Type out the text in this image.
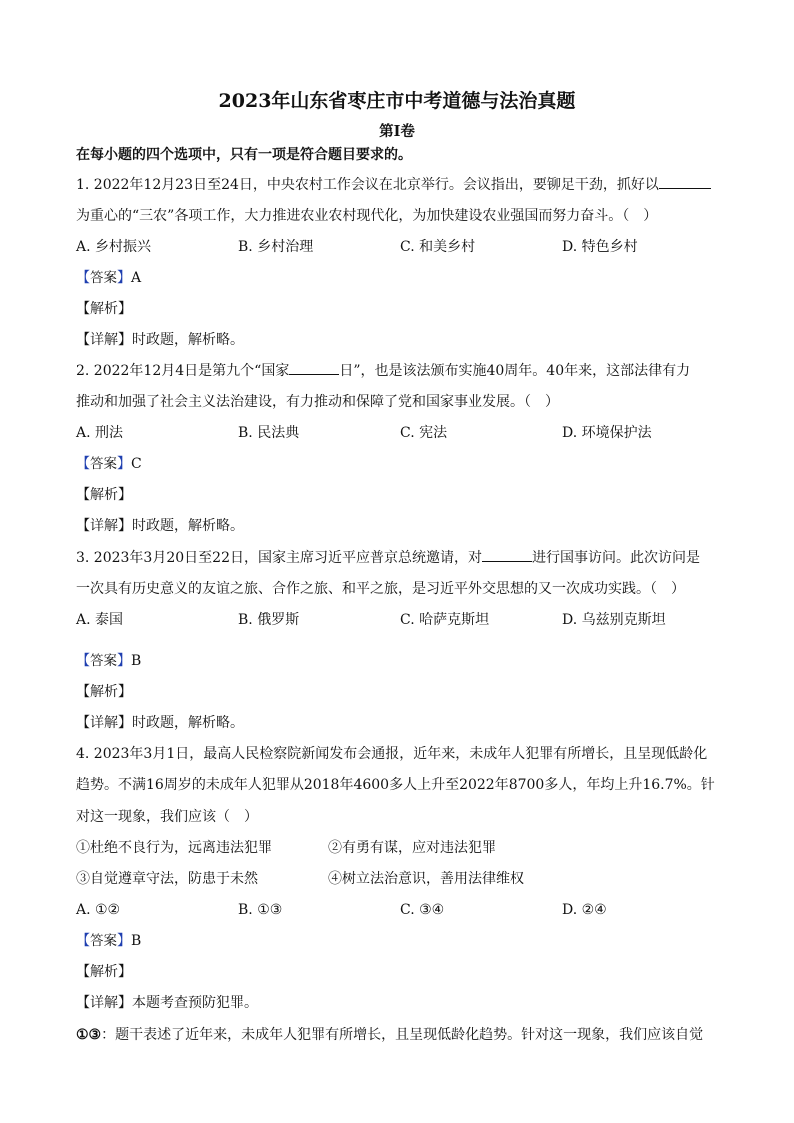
2023年山东省枣庄市中考道德与法治真题
第Ⅰ卷
在每小题的四个选项中，只有一项是符合题目要求的。
1. 2022年12月23日至24日，中央农村工作会议在北京举行。会议指出，要铆足干劲，抓好以
为重心的“三农”各项工作，大力推进农业农村现代化，为加快建设农业强国而努力奋斗。（　）
A. 乡村振兴	B. 乡村治理	C. 和美乡村	D. 特色乡村
【答案】A
【解析】
【详解】时政题，解析略。
2. 2022年12月4日是第九个“国家	日”，也是该法颁布实施40周年。40年来，这部法律有力
推动和加强了社会主义法治建设，有力推动和保障了党和国家事业发展。（　）
A. 刑法	B. 民法典	C. 宪法	D. 环境保护法
【答案】C
【解析】
【详解】时政题，解析略。
3. 2023年3月20日至22日，国家主席习近平应普京总统邀请，对	进行国事访问。此次访问是
一次具有历史意义的友谊之旅、合作之旅、和平之旅，是习近平外交思想的又一次成功实践。（　）
A. 泰国	B. 俄罗斯	C. 哈萨克斯坦	D. 乌兹别克斯坦
【答案】B
【解析】
【详解】时政题，解析略。
4. 2023年3月1日，最高人民检察院新闻发布会通报，近年来，未成年人犯罪有所增长，且呈现低龄化
趋势。不满16周岁的未成年人犯罪从2018年4600多人上升至2022年8700多人，年均上升16.7%。针
对这一现象，我们应该（　）
①杜绝不良行为，远离违法犯罪	②有勇有谋，应对违法犯罪
③自觉遵章守法，防患于未然	④树立法治意识，善用法律维权
A. ①②	B. ①③	C. ③④	D. ②④
【答案】B
【解析】
【详解】本题考查预防犯罪。
①③：题干表述了近年来，未成年人犯罪有所增长，且呈现低龄化趋势。针对这一现象，我们应该自觉
